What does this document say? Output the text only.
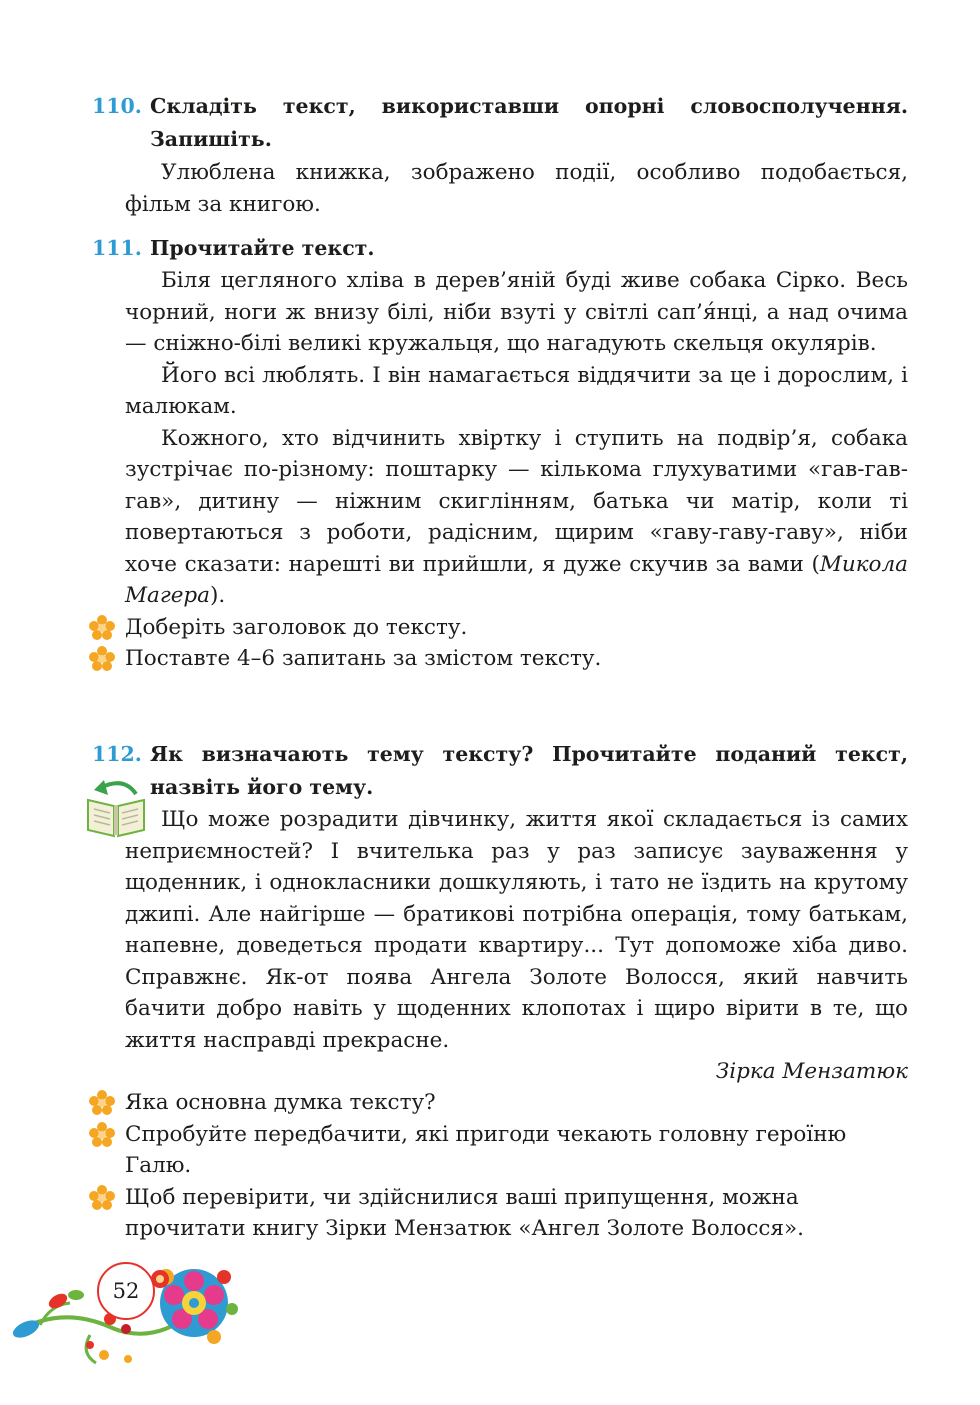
110. Складіть текст, використавши опорні словосполучення. Запишіть.

Улюблена книжка, зображено події, особливо подобається, фільм за книгою.

111. Прочитайте текст.

Біля цегляного хліва в дерев’яній буді живе собака Сірко. Весь чорний, ноги ж внизу білі, ніби взуті у світлі сап’я́нці, а над очима — сніжно-білі великі кружальця, що нагадують скельця окулярів.

Його всі люблять. І він намагається віддячити за це і дорослим, і малюкам.

Кожного, хто відчинить хвіртку і ступить на подвір’я, собака зустрічає по-різному: поштарку — кількома глухуватими «гав-гав-гав», дитину — ніжним скиглінням, батька чи матір, коли ті повертаються з роботи, радісним, щирим «гаву-гаву-гаву», ніби хоче сказати: нарешті ви прийшли, я дуже скучив за вами (Микола Магера).

Доберіть заголовок до тексту.
Поставте 4–6 запитань за змістом тексту.
112. Як визначають тему тексту? Прочитайте поданий текст, назвіть його тему.

Що може розрадити дівчинку, життя якої складається із самих неприємностей? І вчителька раз у раз записує зауваження у щоденник, і однокласники дошкуляють, і тато не їздить на крутому джипі. Але найгірше — братикові потрібна операція, тому батькам, напевне, доведеться продати квартиру... Тут допоможе хіба диво. Справжнє. Як-от поява Ангела Золоте Волосся, який навчить бачити добро навіть у щоденних клопотах і щиро вірити в те, що життя насправді прекрасне.

Зірка Мензатюк
Яка основна думка тексту?
Спробуйте передбачити, які пригоди чекають головну героїню Галю.
Щоб перевірити, чи здійснилися ваші припущення, можна прочитати книгу Зірки Мензатюк «Ангел Золоте Волосся».
52
